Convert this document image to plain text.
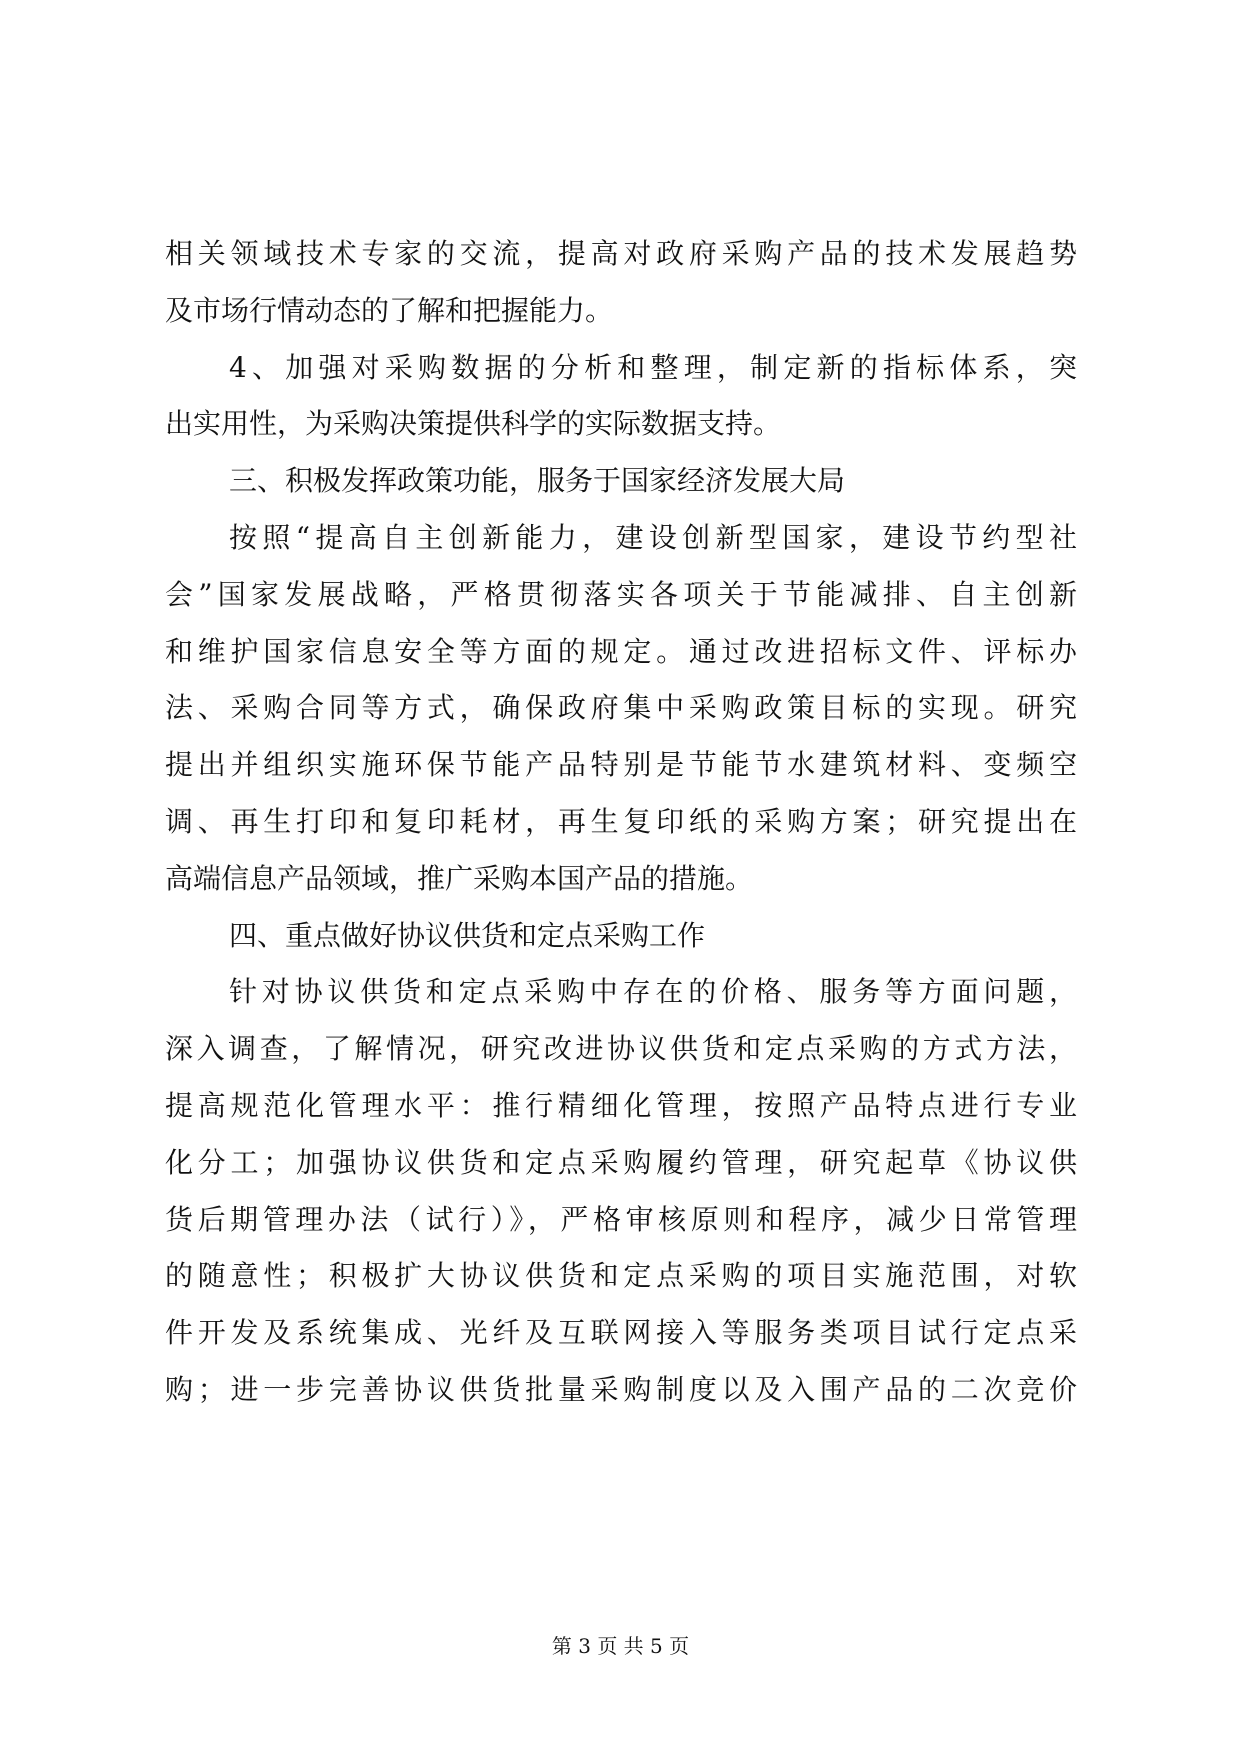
相关领域技术专家的交流，提高对政府采购产品的技术发展趋势
及市场行情动态的了解和把握能力。
4、加强对采购数据的分析和整理，制定新的指标体系，突
出实用性，为采购决策提供科学的实际数据支持。
三、积极发挥政策功能，服务于国家经济发展大局
按照“提高自主创新能力，建设创新型国家，建设节约型社
会”国家发展战略，严格贯彻落实各项关于节能减排、自主创新
和维护国家信息安全等方面的规定。通过改进招标文件、评标办
法、采购合同等方式，确保政府集中采购政策目标的实现。研究
提出并组织实施环保节能产品特别是节能节水建筑材料、变频空
调、再生打印和复印耗材，再生复印纸的采购方案；研究提出在
高端信息产品领域，推广采购本国产品的措施。
四、重点做好协议供货和定点采购工作
针对协议供货和定点采购中存在的价格、服务等方面问题，
深入调查，了解情况，研究改进协议供货和定点采购的方式方法，
提高规范化管理水平：推行精细化管理，按照产品特点进行专业
化分工；加强协议供货和定点采购履约管理，研究起草《协议供
货后期管理办法（试行）》，严格审核原则和程序，减少日常管理
的随意性；积极扩大协议供货和定点采购的项目实施范围，对软
件开发及系统集成、光纤及互联网接入等服务类项目试行定点采
购；进一步完善协议供货批量采购制度以及入围产品的二次竞价
第 3 页 共 5 页
